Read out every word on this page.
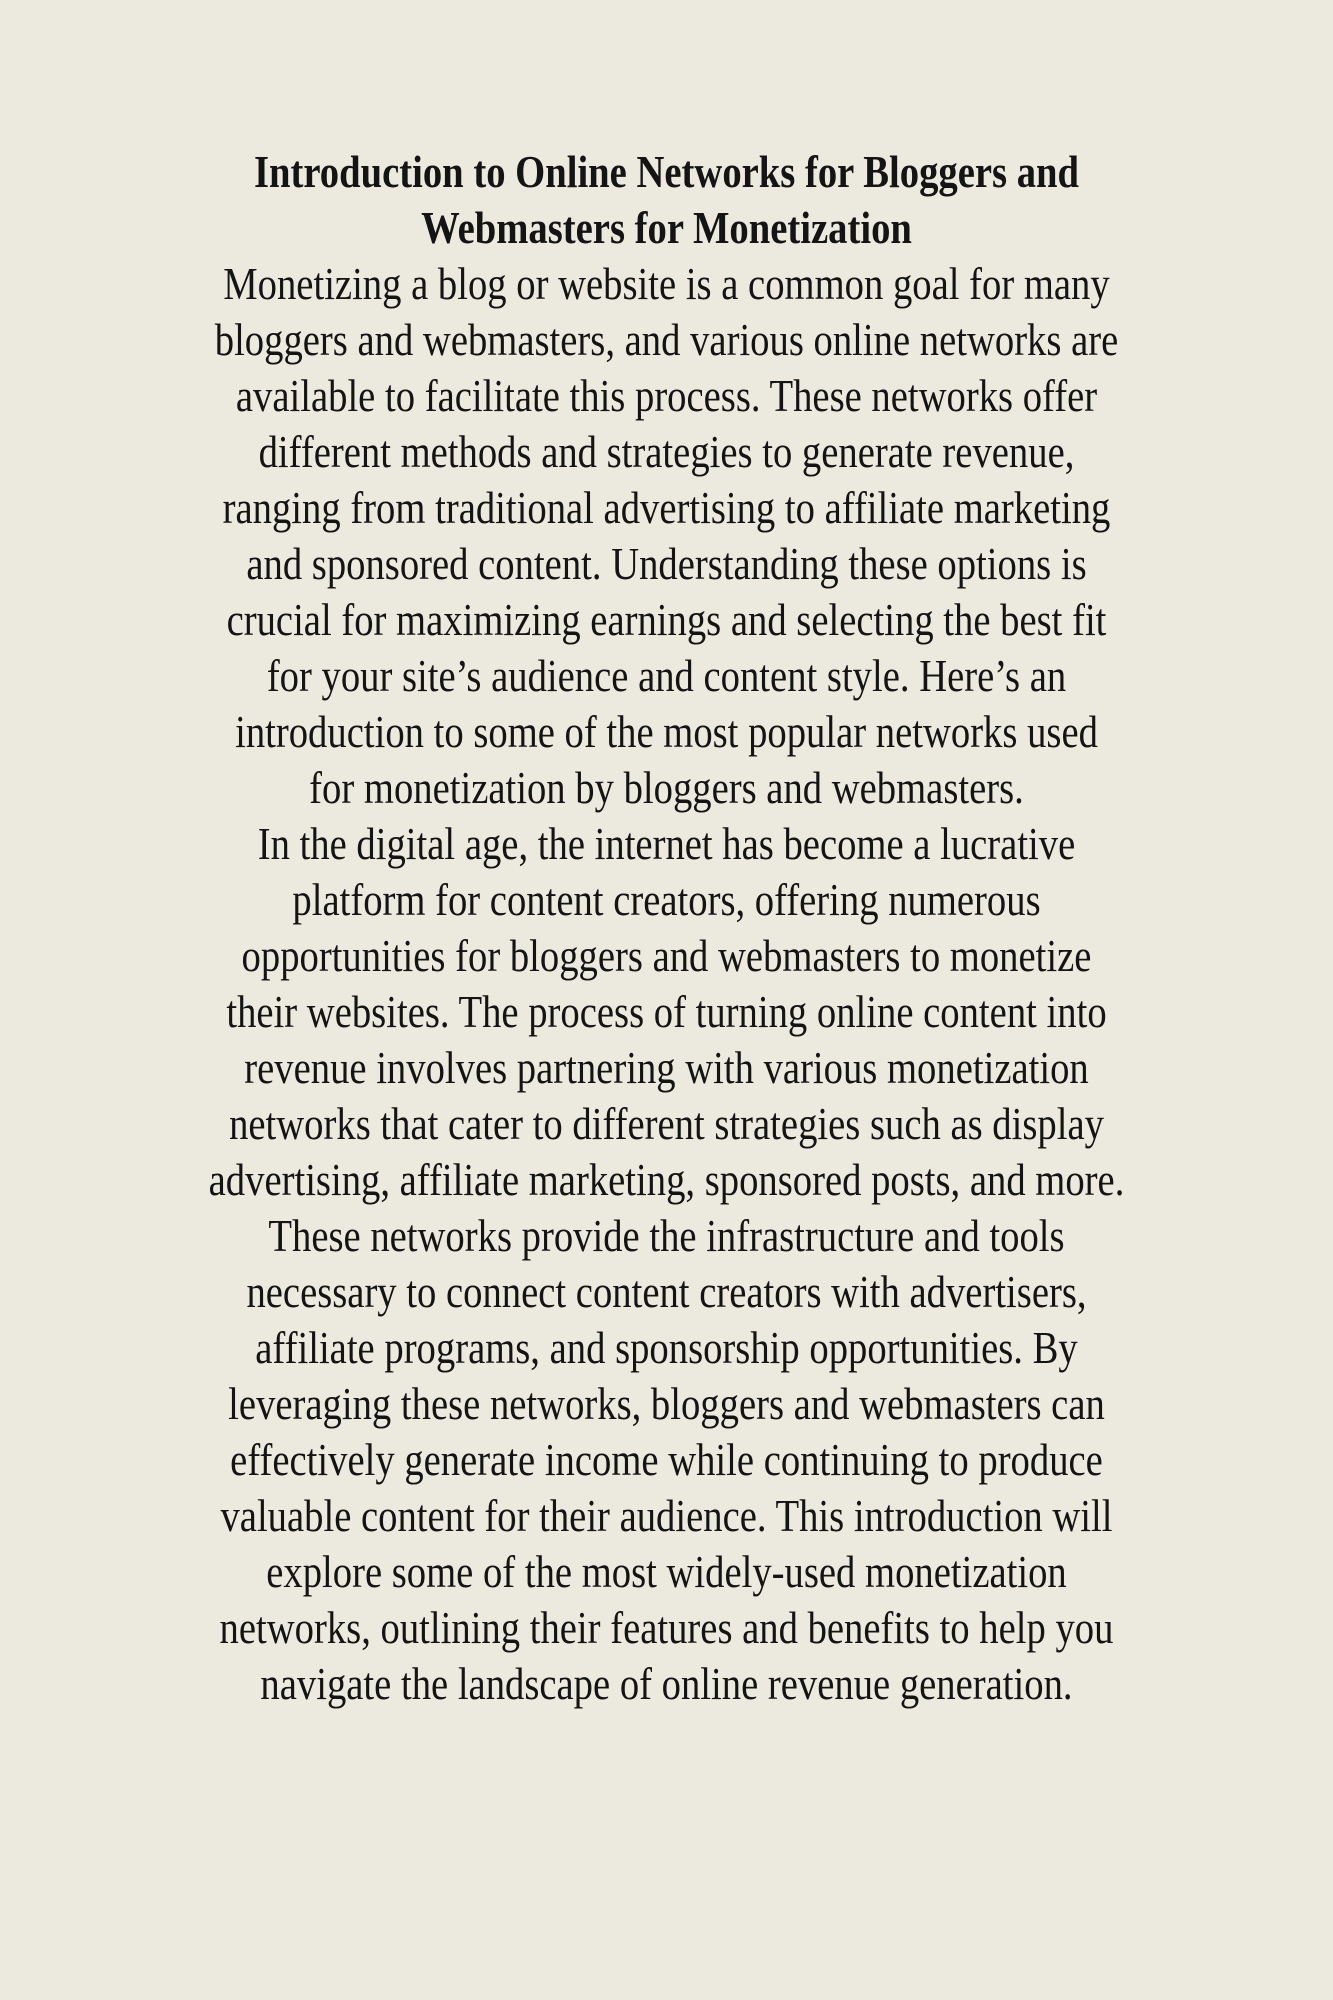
Introduction to Online Networks for Bloggers and
Webmasters for Monetization
Monetizing a blog or website is a common goal for many
bloggers and webmasters, and various online networks are
available to facilitate this process. These networks offer
different methods and strategies to generate revenue,
ranging from traditional advertising to affiliate marketing
and sponsored content. Understanding these options is
crucial for maximizing earnings and selecting the best fit
for your site’s audience and content style. Here’s an
introduction to some of the most popular networks used
for monetization by bloggers and webmasters.
In the digital age, the internet has become a lucrative
platform for content creators, offering numerous
opportunities for bloggers and webmasters to monetize
their websites. The process of turning online content into
revenue involves partnering with various monetization
networks that cater to different strategies such as display
advertising, affiliate marketing, sponsored posts, and more.
These networks provide the infrastructure and tools
necessary to connect content creators with advertisers,
affiliate programs, and sponsorship opportunities. By
leveraging these networks, bloggers and webmasters can
effectively generate income while continuing to produce
valuable content for their audience. This introduction will
explore some of the most widely-used monetization
networks, outlining their features and benefits to help you
navigate the landscape of online revenue generation.
